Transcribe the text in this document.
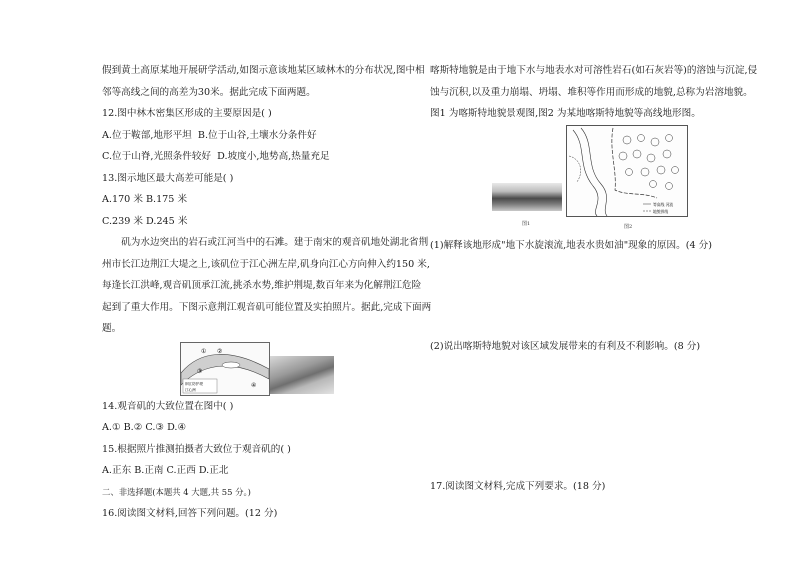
假到黄土高原某地开展研学活动,如图示意该地某区域林木的分布状况,图中相

邻等高线之间的高差为30米。据此完成下面两题。

12.图中林木密集区形成的主要原因是( )

A.位于鞍部,地形平坦 B.位于山谷,土壤水分条件好

C.位于山脊,光照条件较好 D.坡度小,地势高,热量充足

13.图示地区最大高差可能是( )

A.170 米 B.175 米

C.239 米 D.245 米

矶为水边突出的岩石或江河当中的石滩。建于南宋的观音矶地处湖北省荆

州市长江边荆江大堤之上,该矶位于江心洲左岸,矶身向江心方向伸入约150 米,

每逢长江洪峰,观音矶顶承江流,挑杀水势,维护荆堤,数百年来为化解荆江危险

起到了重大作用。下图示意荆江观音矶可能位置及实拍照片。据此,完成下面两

题。

① ②
③
④
荆江防护堤
江心洲

14.观音矶的大致位置在图中( )

A.① B.② C.③ D.④

15.根据照片推测拍摄者大致位于观音矶的( )

A.正东 B.正南 C.正西 D.正北

二、非选择题(本题共 4 大题,共 55 分。)

16.阅读图文材料,回答下列问题。(12 分)

喀斯特地貌是由于地下水与地表水对可溶性岩石(如石灰岩等)的溶蚀与沉淀,侵

蚀与沉积,以及重力崩塌、坍塌、堆积等作用而形成的地貌,总称为岩溶地貌。

图1 为喀斯特地貌景观图,图2 为某地喀斯特地貌等高线地形图。

图1
等高线 河流
地貌界线
图2

(1)解释该地形成"地下水旋滚流,地表水贵如油"现象的原因。(4 分)

(2)说出喀斯特地貌对该区域发展带来的有利及不利影响。(8 分)

17.阅读图文材料,完成下列要求。(18 分)
